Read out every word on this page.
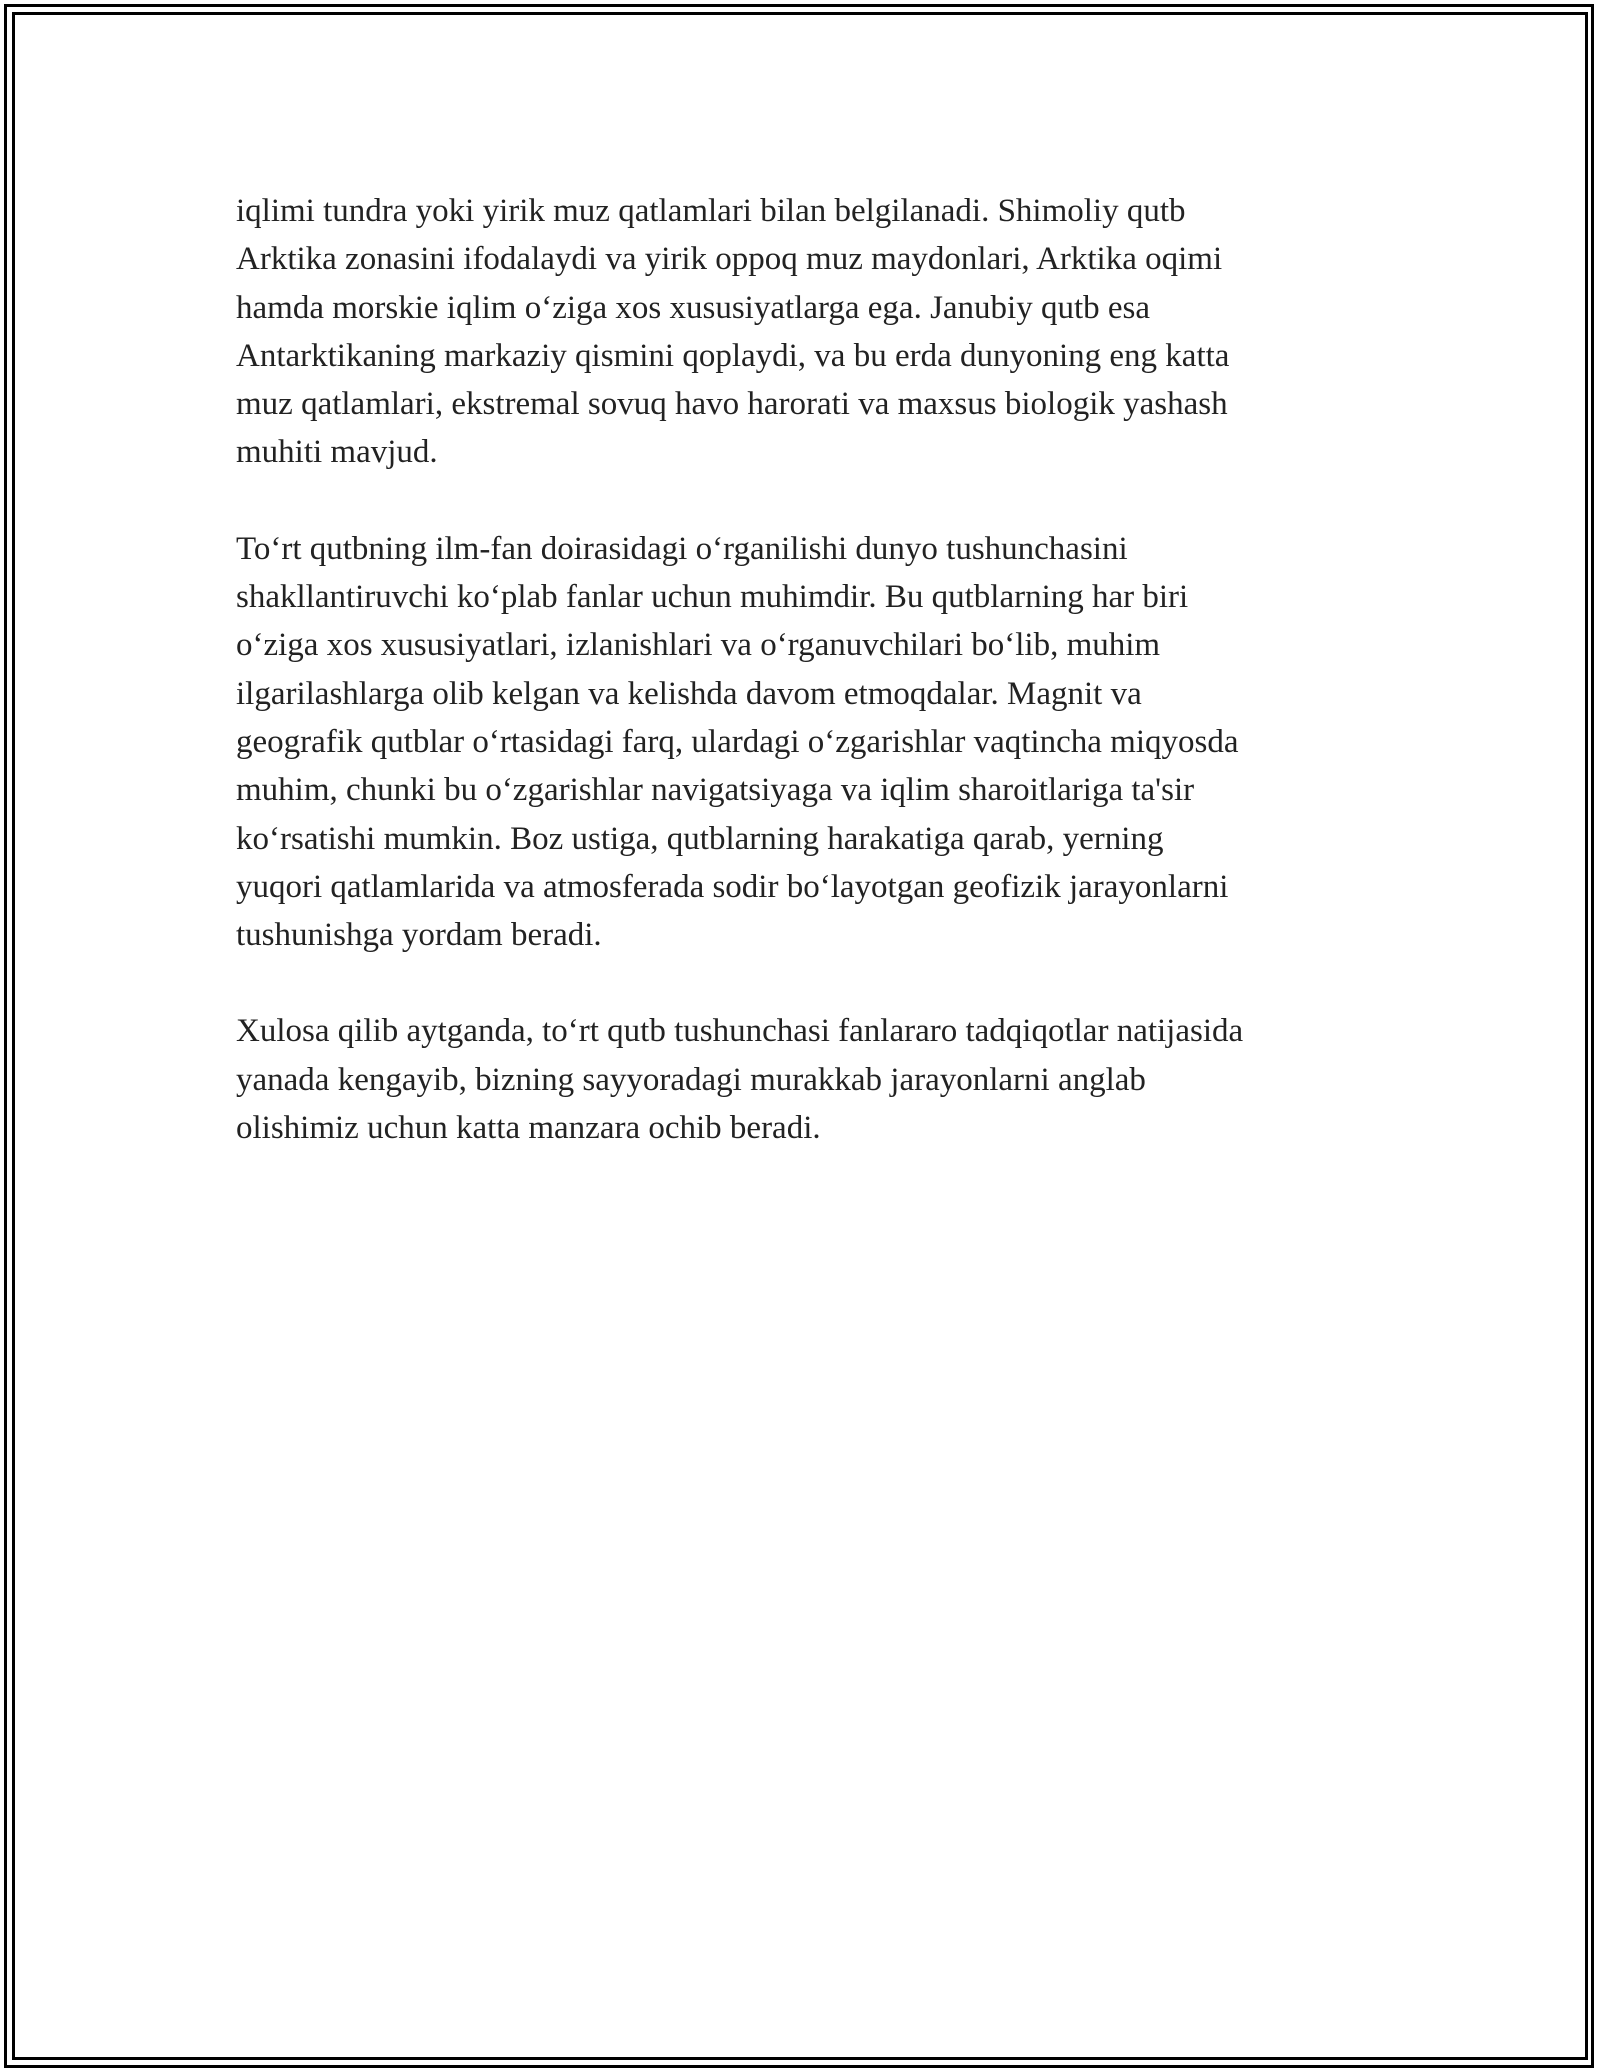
iqlimi tundra yoki yirik muz qatlamlari bilan belgilanadi. Shimoliy qutb
Arktika zonasini ifodalaydi va yirik oppoq muz maydonlari, Arktika oqimi
hamda morskie iqlim oʻziga xos xususiyatlarga ega. Janubiy qutb esa
Antarktikaning markaziy qismini qoplaydi, va bu erda dunyoning eng katta
muz qatlamlari, ekstremal sovuq havo harorati va maxsus biologik yashash
muhiti mavjud.

Toʻrt qutbning ilm-fan doirasidagi oʻrganilishi dunyo tushunchasini
shakllantiruvchi koʻplab fanlar uchun muhimdir. Bu qutblarning har biri
oʻziga xos xususiyatlari, izlanishlari va oʻrganuvchilari boʻlib, muhim
ilgarilashlarga olib kelgan va kelishda davom etmoqdalar. Magnit va
geografik qutblar oʻrtasidagi farq, ulardagi oʻzgarishlar vaqtincha miqyosda
muhim, chunki bu oʻzgarishlar navigatsiyaga va iqlim sharoitlariga ta'sir
koʻrsatishi mumkin. Boz ustiga, qutblarning harakatiga qarab, yerning
yuqori qatlamlarida va atmosferada sodir boʻlayotgan geofizik jarayonlarni
tushunishga yordam beradi.

Xulosa qilib aytganda, toʻrt qutb tushunchasi fanlararo tadqiqotlar natijasida
yanada kengayib, bizning sayyoradagi murakkab jarayonlarni anglab
olishimiz uchun katta manzara ochib beradi.
